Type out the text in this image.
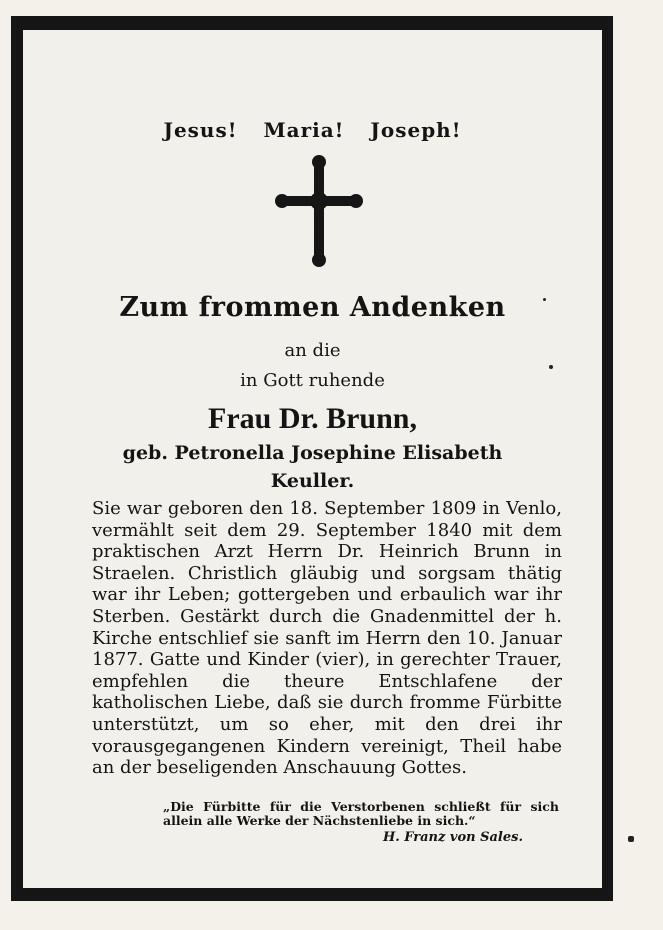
Jesus! Maria! Joseph!
Zum frommen Andenken
an die
in Gott ruhende
Frau Dr. Brunn,
geb. Petronella Josephine Elisabeth
Keuller.
Sie war geboren den 18. September 1809 in Venlo, vermählt seit dem 29. September 1840 mit dem praktischen Arzt Herrn Dr. Heinrich Brunn in Straelen. Christlich gläubig und sorgsam thätig war ihr Leben; gottergeben und erbaulich war ihr Sterben. Gestärkt durch die Gnadenmittel der h. Kirche entschlief sie sanft im Herrn den 10. Januar 1877. Gatte und Kinder (vier), in gerechter Trauer, empfehlen die theure Entschlafene der katholischen Liebe, daß sie durch fromme Fürbitte unterstützt, um so eher, mit den drei ihr vorausgegangenen Kindern vereinigt, Theil habe an der beseligenden Anschauung Gottes.
„Die Fürbitte für die Verstorbenen schließt für sich allein alle Werke der Nächstenliebe in sich.“
H. Franz von Sales.
